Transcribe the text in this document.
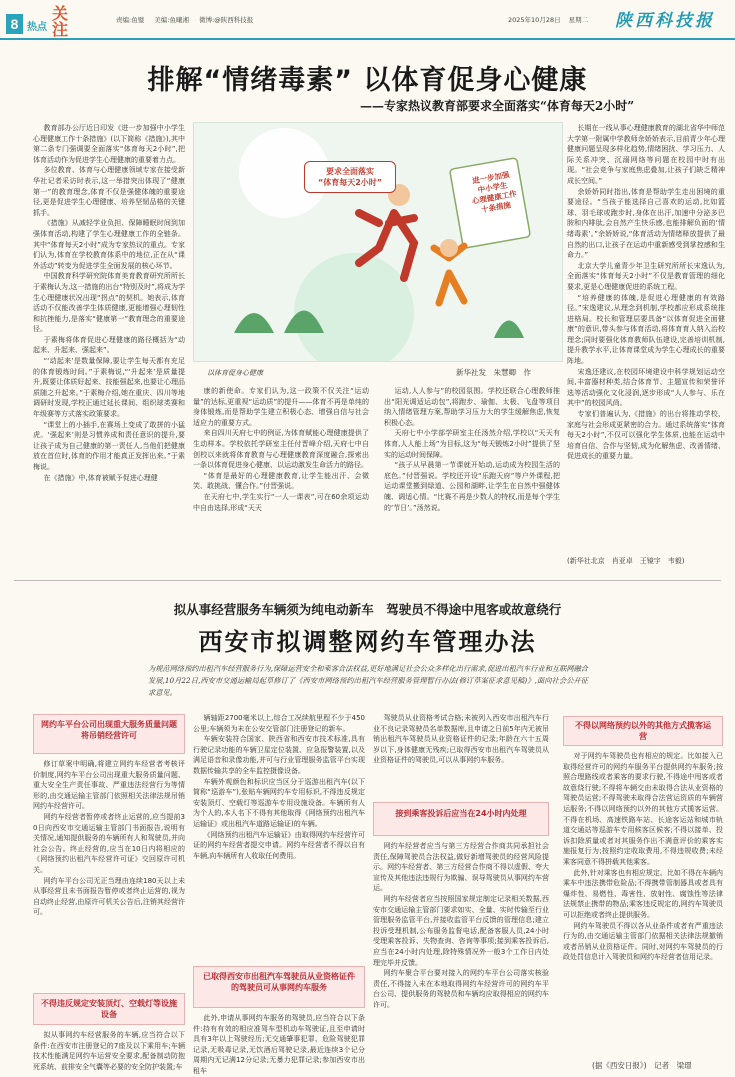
8 热点
关注	责编:鱼璧 美编:鱼曦湘 微博:@陕西科技报	2025年10月28日 星期二 陕西科技报
排解“情绪毒素” 以体育促身心健康
——专家热议教育部要求全面落实“体育每天2小时”

教育部办公厅近日印发《进一步加强中小学生心理健康工作十条措施》(以下简称《措施》),其中第二条专门强调要全面落实“体育每天2小时”,把体育活动作为促进学生心理健康的重要着力点。

多位教育、体育与心理健康领域专家在接受新华社记者采访时表示,这一举措突出体现了“健康第一”的教育理念,体育不仅是强健体魄的重要途径,更是促进学生心理健康、培养坚韧品格的关键抓手。

《措施》从减轻学业负担、保障睡眠时间到加强体育活动,构建了学生心理健康工作的全链条。其中“体育每天2小时”成为专家热议的重点。专家们认为,体育在学校教育体系中的地位,正在从“课外活动”转变为促进学生全面发展的核心环节。

中国教育科学研究院体育美育教育研究所所长于素梅认为,这一措施的出台“特别及时”,将成为学生心理健康状况出现“拐点”的契机。她表示,体育活动不仅能改善学生体质健康,更能增强心理韧性和抗挫能力,是落实“健康第一”教育理念的重要途径。

于素梅将体育促进心理健康的路径概括为“动起来、升起来、强起来”。

“‘动起来’是数量保障,要让学生每天都有充足的体育锻炼时间。”于素梅说,“‘升起来’是质量提升,既要让体质好起来、技能强起来,也要让心理品质随之升起来。”于素梅介绍,她在重庆、四川等地调研时发现,学校正通过延长课间、组织球类赛和年级赛等方式落实政策要求。

“课堂上的小插手,在赛场上变成了敢拼的小猛虎。‘强起来’则是习惯养成和责任意识的提升,要让孩子成为自己健康的第一责任人,当他们把健康放在首位时,体育的作用才能真正发挥出来。”于素梅说。

在《措施》中,体育被赋予促进心理健

要求全面落实
“体育每天2小时”	进一步加强
中小学生
心理健康工作
十条措施
以体育促身心健康	新华社发　朱慧卿　作

康的新使命。专家们认为,这一政策不仅关注“运动量”的达标,更重视“运动质”的提升——体育不再是单纯的身体锻炼,而是帮助学生建立积极心态、增强自信与社会适应力的重要方式。

来自四川天府七中的例证,为体育赋能心理健康提供了生动样本。学校依托学研室主任付晋峰介绍,天府七中自创校以来就将体育教育与心理健康教育深度融合,探索出一条以体育促进身心健康、以运动激发生命活力的路径。

“体育是最好的心理健康教育,让学生能出汗、会微笑、敢挑战、懂合作。”付晋强说。

在天府七中,学生实行“一人一课表”,可在60余项运动中自由选择,形成“天天

运动,人人参与”的校园氛围。学校还联合心理教师推出“阳光调适运动包”,将跑步、瑜伽、太极、飞盘等项目纳入情绪管理方案,帮助学习压力大的学生缓解焦虑,恢复积极心态。

天府七中小学部学研室主任汤然介绍,学校以“天天有体育,人人能上场”为目标,这为“每天锻炼2小时”提供了坚实的运动时间保障。

“孩子从早晨第一节课就开始动,运动成为校园生活的底色。”付晋强说。学校还开设“乐跑天府”等户外课程,把运动课堂搬到绿道、公园和湖畔,让学生在自然中强健体魄、调适心情。“比赛不再是少数人的特权,而是每个学生的‘节日’。”汤然说。

长期在一线从事心理健康教育的湖北省华中师范大学第一附属中学教师余娇娇表示,目前青少年心理健康问题呈现多样化趋势,情绪困扰、学习压力、人际关系冲突、沉溺网络等问题在校园中时有出现。“社会竞争与家庭焦虑叠加,让孩子们缺乏精神成长空间。”

余娇娇同时指出,体育是帮助学生走出困境的重要途径。“当孩子能选择自己喜欢的运动,比如篮球、羽毛球或跑步时,身体在出汗,加速中分泌多巴胺和内啡肽,会自然产生快乐感,也能排解负面的‘情绪毒素’。”余娇娇说,“体育活动为情绪释放提供了最自然的出口,让孩子在运动中重新感受到掌控感和生命力。”

北京大学儿童青少年卫生研究所所长宋逸认为,全面落实“体育每天2小时”不仅是教育管理的细化要求,更是心理健康促进的系统工程。

“培养健康的体魄,是促进心理健康的有效路径。”宋逸建议,从理念到机制,学校都应形成系统推进格局。校长和管理层要具备“以体育促进全面健康”的意识,带头参与体育活动,将体育育人纳入治校理念;同时要强化体育教师队伍建设,完善培训机制,提升教学水平,让体育课堂成为学生心理成长的重要阵地。

宋逸还建议,在校园环境建设中科学规划运动空间,丰富器材种类,结合体育节、主题宣传和荣誉评选等活动强化文化浸润,逐步形成“人人参与、乐在其中”的校园风尚。

专家们普遍认为,《措施》的出台将推动学校、家庭与社会形成更紧密的合力。通过系统落实“体育每天2小时”,不仅可以强化学生体质,也能在运动中培育自信、合作与坚韧,成为化解焦虑、改善情绪、促进成长的重要力量。

(新华社北京　肖亚卓　王镜宇　韦毅)
拟从事经营服务车辆须为纯电动新车　驾驶员不得途中甩客或故意绕行
西安市拟调整网约车管理办法
为规范网络预约出租汽车经营服务行为,保障运营安全和乘客合法权益,更好地满足社会公众多样化出行需求,促进出租汽车行业和互联网融合发展,10月22日,西安市交通运输局起草修订了《西安市网络预约出租汽车经营服务管理暂行办法(修订草案征求意见稿)》,面向社会公开征求意见。
网约车平台公司出现重大服务质量问题将吊销经营许可

修订草案中明确,将建立网约车经营者考核评价制度,网约车平台公司出现重大服务质量问题、重大安全生产责任事故、严重违法经营行为等情形的,由交通运输主管部门依照相关法律法规吊销网约车经营许可。

网约车经营者暂停或者终止运营的,应当提前30日向西安市交通运输主管部门书面报告,说明有关情况,通知提供服务的车辆所有人和驾驶员,并向社会公告。终止经营的,应当在10日内将相应的《网络预约出租汽车经营许可证》交回原许可机关。

网约车平台公司无正当理由连续180天以上未从事经营且未书面报告暂停或者终止运营的,视为自动终止经营,由原许可机关公告后,注销其经营许可。

不得违反规定安装顶灯、空载灯等设施设备

拟从事网约车经营服务的车辆,应当符合以下条件:在西安市注册登记的7座及以下乘用车;车辆技术性能满足网约车运营安全要求,配备制动防抱死系统、前排安全气囊等必要的安全防护装置;车

辆轴距2700毫米以上,综合工况续航里程不少于450公里;车辆须为未在公安交管部门注册登记的新车。

车辆安装符合国家、陕西省和西安市技术标准,具有行驶记录功能的车辆卫星定位装置、应急报警装置,以及满足语音和录像功能,并可与行业管理服务监管平台实现数据传输共享的全车监控摄像设备。

车辆外观颜色和标识应当区分于巡游出租汽车(以下简称“巡游车”),张贴车辆网约车专用标识,不得违反规定安装顶灯、空载灯等巡游车专用设施设备。车辆所有人为个人的,本人名下不得有其他取得《网络预约出租汽车运输证》或出租汽车道路运输证)的车辆。

《网络预约出租汽车运输证》由取得网约车经营许可证的网约车经营者提交申请。网约车经营者不得以自有车辆,向车辆所有人收取任何费用。

已取得西安市出租汽车驾驶员从业资格证件的驾驶员可从事网约车服务

此外,申请从事网约车服务的驾驶员,应当符合以下条件:持有有效的相应准驾车型机动车驾驶证,且至申请时具有3年以上驾驶经历;无交通肇事犯罪、危险驾驶犯罪记录,无吸毒记录,无饮酒后驾驶记录,最近连续3个记分周期内无记满12分记录;无暴力犯罪记录;参加西安市出租车

驾驶员从业资格考试合格;未被列入西安市出租汽车行业不良记录驾驶员名单数据库,且申请之日前5年内无被吊销出租汽车驾驶员从业资格证件的记录;年龄在六十五周岁以下,身体健康无残疾;已取得西安市出租汽车驾驶员从业资格证件的驾驶员,可以从事网约车服务。

接到乘客投诉后应当在24小时内处理

网约车经营者应当与第三方经营合作商共同承担社会责任,保障驾驶员合法权益,做好新增驾驶员的经营风险提示。网约车经营者、第三方经营合作商不得以虚假、夸大宣传及其他违法违规行为欺骗、误导驾驶员从事网约车营运。

网约车经营者应当按照国家规定制定记录相关数据,西安市交通运输主管部门要求如实、全量、实时传输至行业管理服务监管平台,并接收监管平台反馈的管理信息;建立投诉受理机制,公布服务监督电话,配备客服人员,24小时受理乘客投诉、失物查询、咨询等事项;接到乘客投诉后,应当在24小时内处理,除特殊情况外一般3个工作日内处理完毕并反馈。

网约车聚合平台要对接入的网约车平台公司落实核验责任,不得接入未在本地取得网约车经营许可的网约车平台公司、提供服务的驾驶员和车辆均应取得相应的网约车许可。

不得以网络预约以外的其他方式揽客运营

对于网约车驾驶员也有相应的规定。比如接入已取得经营许可的网约车服务平台提供网约车服务;按照合理路线或者乘客的要求行驶,不得途中甩客或者故意绕行驶;不得将车辆交由未取得合法从业资格的驾驶员运营;不得驾驶未取得合法营运资质的车辆营运服务;不得以网络预约以外的其他方式揽客运营。不得在机场、高速铁路车站、长途客运站和城市轨道交通站等巡游车专用候客区候客;不得以接单、投诉扣除质量或者对其服务作出不满意评价的乘客实施报复行为;按照约定收取费用,不得违规收费;未经乘客同意不得拼载其他乘客。

此外,针对乘客也有相应规定。比如不得在车辆内乘车中违法携带危险品;不得携带管制器具或者具有爆炸性、易燃性、毒害性、放射性、腐蚀性等法律法规禁止携带的物品;乘客违反规定的,网约车驾驶员可以拒绝或者终止提供服务。

网约车驾驶员不得以各从业条件或者有严重违法行为的,由交通运输主管部门依据相关法律法规撤销或者吊销从业资格证件。同时,对网约车驾驶员的行政处罚信息计入驾驶员和网约车经营者信用记录。

(据《西安日报》)　记者　梁璟
